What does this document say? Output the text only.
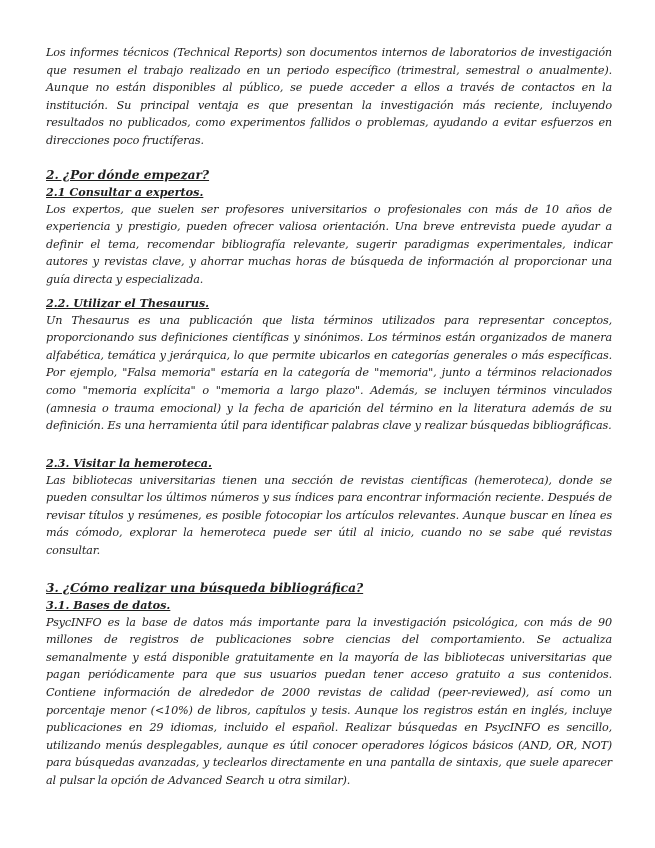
Los informes técnicos (Technical Reports) son documentos internos de laboratorios de investigación que resumen el trabajo realizado en un periodo específico (trimestral, semestral o anualmente). Aunque no están disponibles al público, se puede acceder a ellos a través de contactos en la institución. Su principal ventaja es que presentan la investigación más reciente, incluyendo resultados no publicados, como experimentos fallidos o problemas, ayudando a evitar esfuerzos en direcciones poco fructíferas.

2. ¿Por dónde empezar?
2.1 Consultar a expertos.

Los expertos, que suelen ser profesores universitarios o profesionales con más de 10 años de experiencia y prestigio, pueden ofrecer valiosa orientación. Una breve entrevista puede ayudar a definir el tema, recomendar bibliografía relevante, sugerir paradigmas experimentales, indicar autores y revistas clave, y ahorrar muchas horas de búsqueda de información al proporcionar una guía directa y especializada.

2.2. Utilizar el Thesaurus.

Un Thesaurus es una publicación que lista términos utilizados para representar conceptos, proporcionando sus definiciones científicas y sinónimos. Los términos están organizados de manera alfabética, temática y jerárquica, lo que permite ubicarlos en categorías generales o más específicas. Por ejemplo, "Falsa memoria" estaría en la categoría de "memoria", junto a términos relacionados como "memoria explícita" o "memoria a largo plazo". Además, se incluyen términos vinculados (amnesia o trauma emocional) y la fecha de aparición del término en la literatura además de su definición. Es una herramienta útil para identificar palabras clave y realizar búsquedas bibliográficas.

2.3. Visitar la hemeroteca.

Las bibliotecas universitarias tienen una sección de revistas científicas (hemeroteca), donde se pueden consultar los últimos números y sus índices para encontrar información reciente. Después de revisar títulos y resúmenes, es posible fotocopiar los artículos relevantes. Aunque buscar en línea es más cómodo, explorar la hemeroteca puede ser útil al inicio, cuando no se sabe qué revistas consultar.

3. ¿Cómo realizar una búsqueda bibliográfica?
3.1. Bases de datos.

PsycINFO es la base de datos más importante para la investigación psicológica, con más de 90 millones de registros de publicaciones sobre ciencias del comportamiento. Se actualiza semanalmente y está disponible gratuitamente en la mayoría de las bibliotecas universitarias que pagan periódicamente para que sus usuarios puedan tener acceso gratuito a sus contenidos. Contiene información de alrededor de 2000 revistas de calidad (peer-reviewed), así como un porcentaje menor (<10%) de libros, capítulos y tesis. Aunque los registros están en inglés, incluye publicaciones en 29 idiomas, incluido el español. Realizar búsquedas en PsycINFO es sencillo, utilizando menús desplegables, aunque es útil conocer operadores lógicos básicos (AND, OR, NOT) para búsquedas avanzadas, y teclearlos directamente en una pantalla de sintaxis, que suele aparecer al pulsar la opción de Advanced Search u otra similar).
